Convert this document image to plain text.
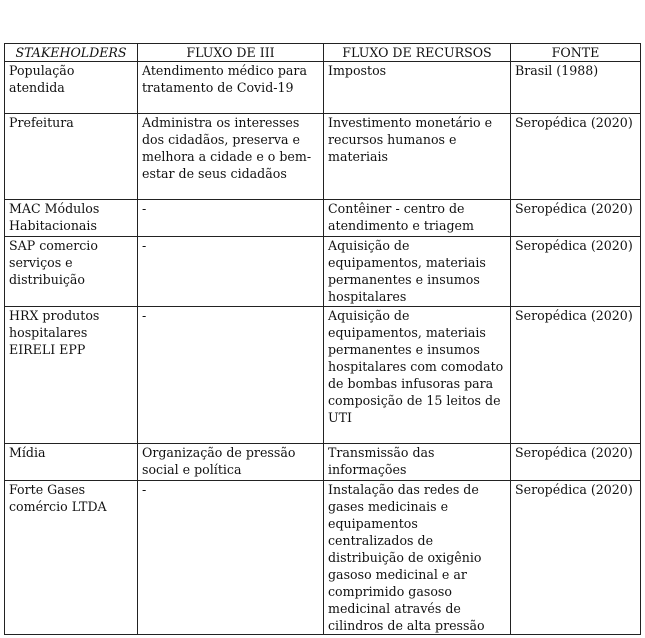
STAKEHOLDERS	FLUXO DE III	FLUXO DE RECURSOS	FONTE
População atendida	Atendimento médico para tratamento de Covid-19	Impostos	Brasil (1988)
Prefeitura	Administra os interesses dos cidadãos, preserva e melhora a cidade e o bem-estar de seus cidadãos	Investimento monetário e recursos humanos e materiais	Seropédica (2020)
MAC Módulos Habitacionais	-	Contêiner - centro de atendimento e triagem	Seropédica (2020)
SAP comercio serviços e distribuição	-	Aquisição de equipamentos, materiais permanentes e insumos hospitalares	Seropédica (2020)
HRX produtos hospitalares EIRELI EPP	-	Aquisição de equipamentos, materiais permanentes e insumos hospitalares com comodato de bombas infusoras para composição de 15 leitos de UTI	Seropédica (2020)
Mídia	Organização de pressão social e política	Transmissão das informações	Seropédica (2020)
Forte Gases comércio LTDA	-	Instalação das redes de gases medicinais e equipamentos centralizados de distribuição de oxigênio gasoso medicinal e ar comprimido gasoso medicinal através de cilindros de alta pressão	Seropédica (2020)
